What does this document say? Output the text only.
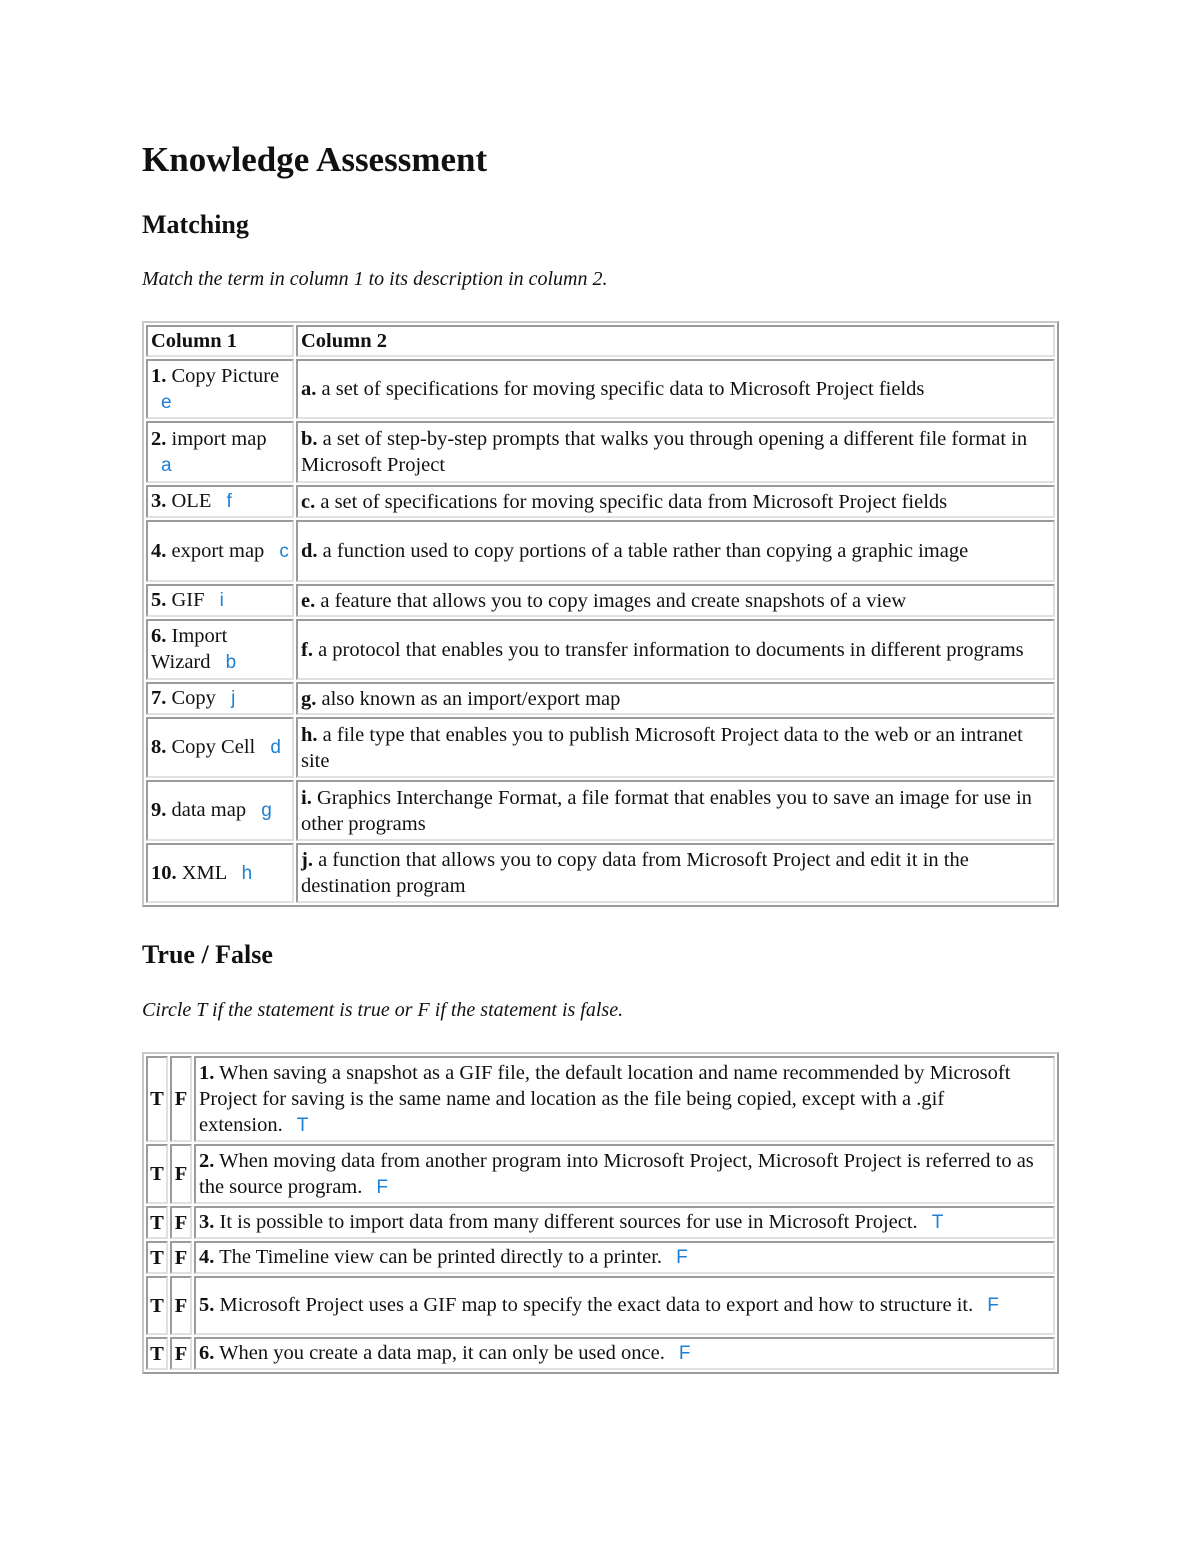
Knowledge Assessment
Matching

Match the term in column 1 to its description in column 2.

Column 1	Column 2
1. Copy Picture e	a. a set of specifications for moving specific data to Microsoft Project fields
2. import map a	b. a set of step-by-step prompts that walks you through opening a different file format in Microsoft Project
3. OLE f	c. a set of specifications for moving specific data from Microsoft Project fields
4. export map c	d. a function used to copy portions of a table rather than copying a graphic image
5. GIF i	e. a feature that allows you to copy images and create snapshots of a view
6. Import Wizard b	f. a protocol that enables you to transfer information to documents in different programs
7. Copy j	g. also known as an import/export map
8. Copy Cell d	h. a file type that enables you to publish Microsoft Project data to the web or an intranet site
9. data map g	i. Graphics Interchange Format, a file format that enables you to save an image for use in other programs
10. XML h	j. a function that allows you to copy data from Microsoft Project and edit it in the destination program
True / False

Circle T if the statement is true or F if the statement is false.

T	F	1. When saving a snapshot as a GIF file, the default location and name recommended by Microsoft Project for saving is the same name and location as the file being copied, except with a .gif extension. T
T	F	2. When moving data from another program into Microsoft Project, Microsoft Project is referred to as the source program. F
T	F	3. It is possible to import data from many different sources for use in Microsoft Project. T
T	F	4. The Timeline view can be printed directly to a printer. F
T	F	5. Microsoft Project uses a GIF map to specify the exact data to export and how to structure it. F
T	F	6. When you create a data map, it can only be used once. F
